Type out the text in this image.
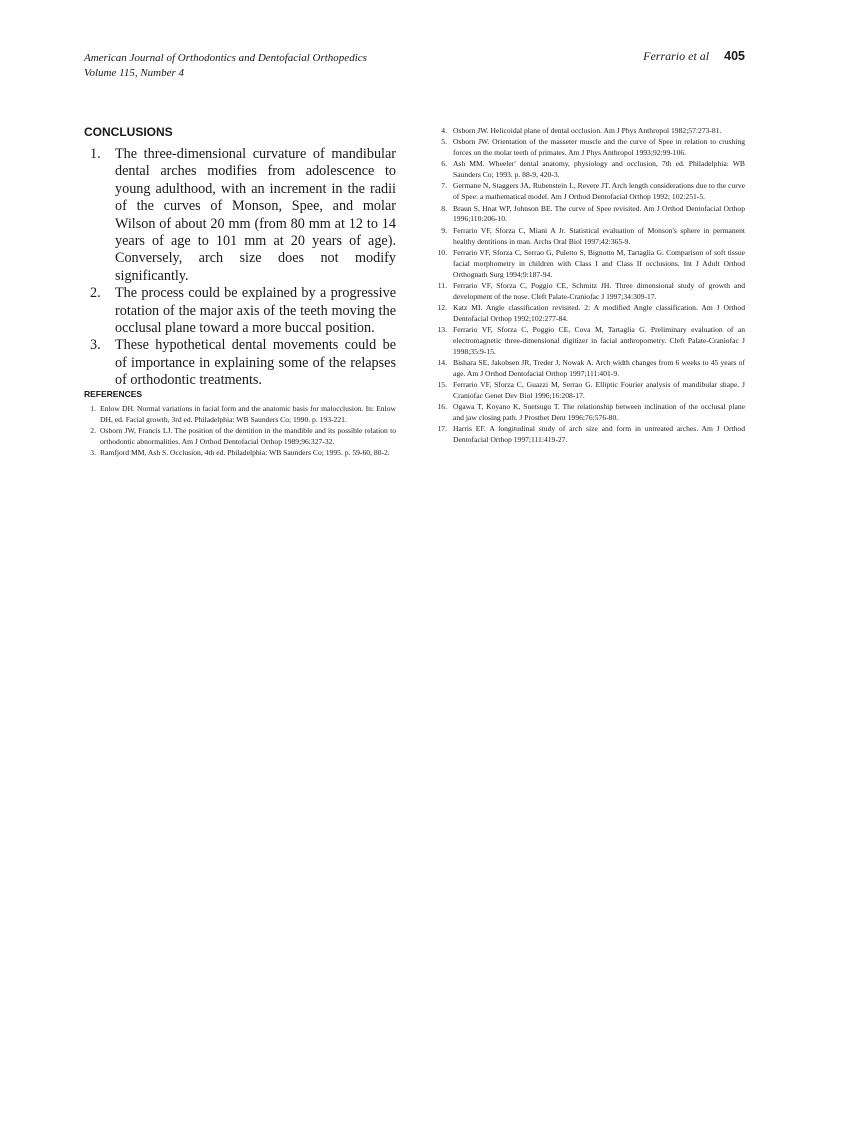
American Journal of Orthodontics and Dentofacial Orthopedics
Volume 115, Number 4
Ferrario et al 405
CONCLUSIONS
1. The three-dimensional curvature of mandibular dental arches modifies from adolescence to young adulthood, with an increment in the radii of the curves of Monson, Spee, and molar Wilson of about 20 mm (from 80 mm at 12 to 14 years of age to 101 mm at 20 years of age). Conversely, arch size does not modify significantly.
2. The process could be explained by a progressive rotation of the major axis of the teeth moving the occlusal plane toward a more buccal position.
3. These hypothetical dental movements could be of importance in explaining some of the relapses of orthodontic treatments.
REFERENCES
1. Enlow DH. Normal variations in facial form and the anatomic basis for malocclusion. In: Enlow DH, ed. Facial growth, 3rd ed. Philadelphia: WB Saunders Co; 1990. p. 193-221.
2. Osborn JW, Francis LJ. The position of the dentition in the mandible and its possible relation to orthodontic abnormalities. Am J Orthod Dentofacial Orthop 1989;96:327-32.
3. Ramfjord MM, Ash S. Occlusion, 4th ed. Philadelphia: WB Saunders Co; 1995. p. 59-60, 80-2.
4. Osborn JW. Helicoidal plane of dental occlusion. Am J Phys Anthropol 1982;57:273-81.
5. Osborn JW. Orientation of the masseter muscle and the curve of Spee in relation to crushing forces on the molar teeth of primates. Am J Phys Anthropol 1993;92:99-106.
6. Ash MM. Wheeler' dental anatomy, physiology and occlusion, 7th ed. Philadelphia: WB Saunders Co; 1993. p. 88-9, 420-3.
7. Germane N, Staggers JA, Rubenstein L, Revere JT. Arch length considerations due to the curve of Spee: a mathematical model. Am J Orthod Dentofacial Orthop 1992; 102:251-5.
8. Braun S, Hnat WP, Johnson BE. The curve of Spee revisited. Am J Orthod Dentofacial Orthop 1996;110:206-10.
9. Ferrario VF, Sforza C, Miani A Jr. Statistical evaluation of Monson's sphere in permanent healthy dentitions in man. Archs Oral Biol 1997;42:365-9.
10. Ferrario VF, Sforza C, Serrao G, Puletto S, Bignotto M, Tartaglia G. Comparison of soft tissue facial morphometry in children with Class I and Class II occlusions. Int J Adult Orthod Orthognath Surg 1994;9:187-94.
11. Ferrario VF, Sforza C, Poggio CE, Schmitz JH. Three dimensional study of growth and development of the nose. Cleft Palate-Craniofac J 1997;34:309-17.
12. Katz MI. Angle classification revisited. 2: A modified Angle classification. Am J Orthod Dentofacial Orthop 1992;102:277-84.
13. Ferrario VF, Sforza C, Poggio CE, Cova M, Tartaglia G. Preliminary evaluation of an electromagnetic three-dimensional digitizer in facial anthropometry. Cleft Palate-Craniofac J 1998;35:9-15.
14. Bishara SE, Jakobsen JR, Treder J, Nowak A. Arch width changes from 6 weeks to 45 years of age. Am J Orthod Dentofacial Orthop 1997;111:401-9.
15. Ferrario VF, Sforza C, Guazzi M, Serrao G. Elliptic Fourier analysis of mandibular shape. J Craniofac Genet Dev Biol 1996;16:208-17.
16. Ogawa T, Koyano K, Suetsugu T. The relationship between inclination of the occlusal plane and jaw closing path. J Prosthet Dent 1996;76:576-80.
17. Harris EF. A longitudinal study of arch size and form in untreated arches. Am J Orthod Dentofacial Orthop 1997;111:419-27.
